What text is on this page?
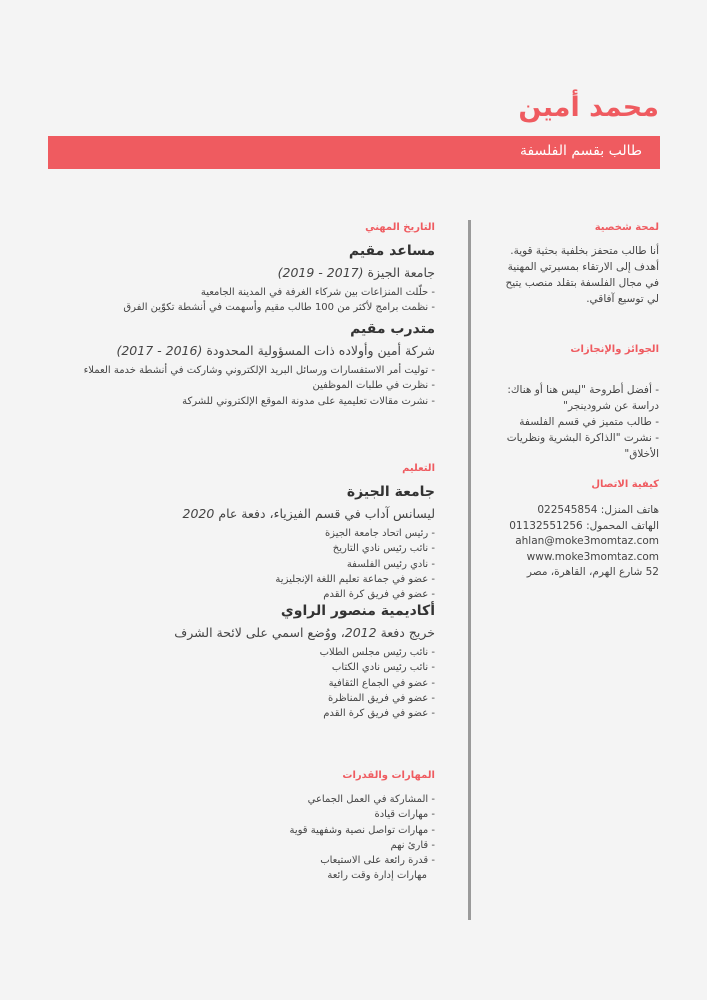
محمد أمين
طالب بقسم الفلسفة
التاريخ المهني
مساعد مقيم

جامعة الجيزة (2017 - 2019)

- حلّلت المنزاعات بين شركاء الغرفة في المدينة الجامعية
- نظمت برامج لأكثر من 100 طالب مقيم وأسهمت في أنشطة تكوّين الفرق
متدرب مقيم

شركة أمين وأولاده ذات المسؤولية المحدودة (2016 - 2017)

- توليت أمر الاستفسارات ورسائل البريد الإلكتروني وشاركت في أنشطة خدمة العملاء
- نظرت في طلبات الموظفين
- نشرت مقالات تعليمية على مدونة الموقع الإلكتروني للشركة
التعليم
جامعة الجيزة

ليسانس آداب في قسم الفيزياء، دفعة عام 2020

- رئيس اتحاد جامعة الجيزة
- نائب رئيس نادي التاريخ
- نادي رئيس الفلسفة
- عضو في جماعة تعليم اللغة الإنجليزية
- عضو في فريق كرة القدم
أكاديمية منصور الراوي

خريج دفعة 2012، ووُضع اسمي على لائحة الشرف

- نائب رئيس مجلس الطلاب
- نائب رئيس نادي الكتاب
- عضو في الجماع الثقافية
- عضو في فريق المناظرة
- عضو في فريق كرة القدم
المهارات والقدرات
- المشاركة في العمل الجماعي
- مهارات قيادة
- مهارات تواصل نصية وشفهية قوية
- قارئ نهم
- قدرة رائعة على الاستيعاب
مهارات إدارة وقت رائعة
لمحة شخصية

أنا طالب متحفز بخلفية بحثية قوية. أهدف إلى الارتقاء بمسيرتي المهنية في مجال الفلسفة بتقلد منصب يتيح لي توسيع آفاقي.

الجوائز والإنجازات
- أفضل أطروحة "ليس هنا أو هناك: دراسة عن شرودينجر"
- طالب متميز في قسم الفلسفة
- نشرت "الذاكرة البشرية ونظريات الأخلاق"
كيفية الاتصال
هاتف المنزل: 022545854
الهاتف المحمول: 01132551256
ahlan@moke3momtaz.com
www.moke3momtaz.com
52 شارع الهرم، القاهرة، مصر
